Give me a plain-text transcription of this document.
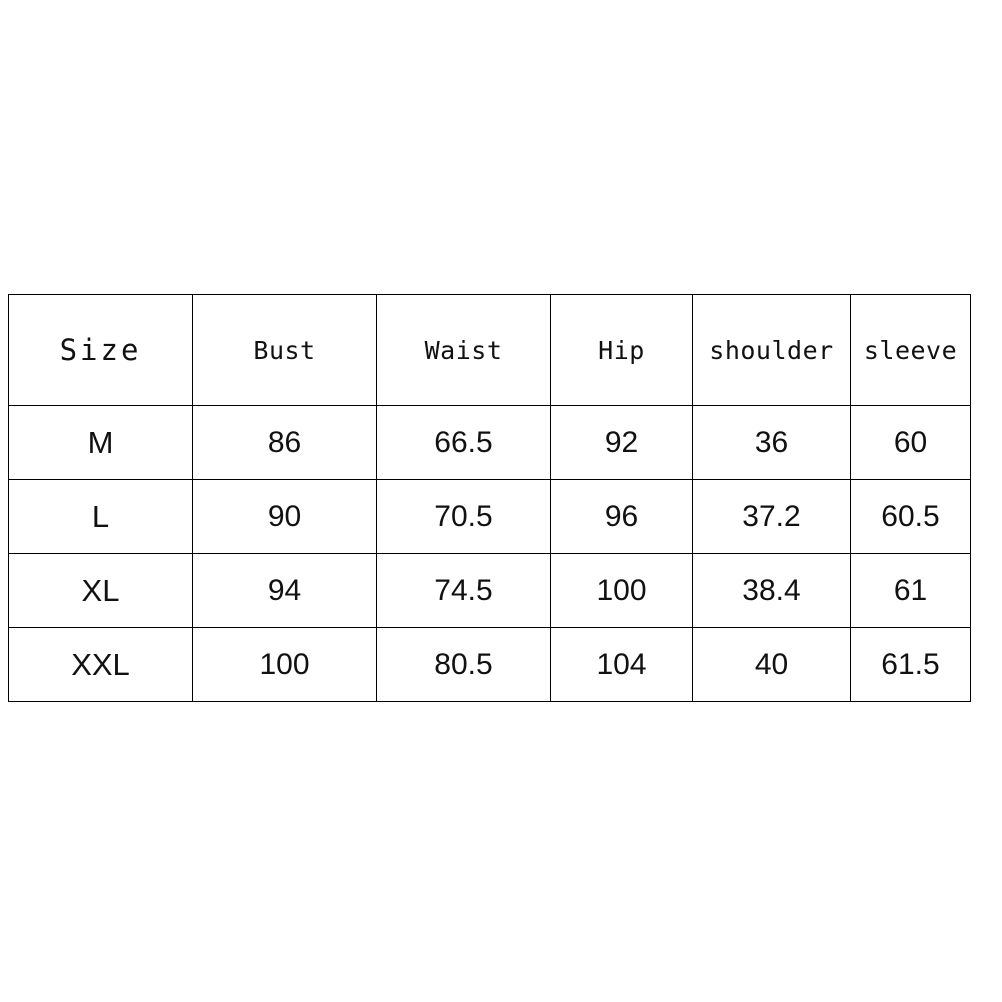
Size	Bust	Waist	Hip	shoulder	sleeve
M	86	66.5	92	36	60
L	90	70.5	96	37.2	60.5
XL	94	74.5	100	38.4	61
XXL	100	80.5	104	40	61.5
